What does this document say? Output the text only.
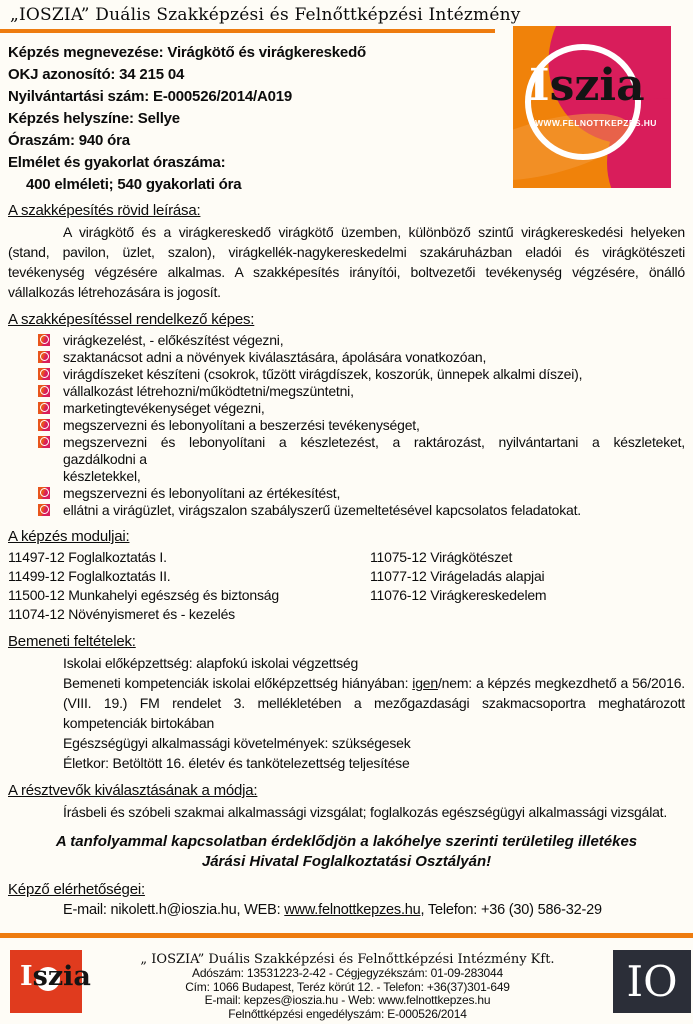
„IOSZIA” Duális Szakképzési és Felnőttképzési Intézmény
Képzés megnevezése: Virágkötő és virágkereskedő
OKJ azonosító: 34 215 04
Nyilvántartási szám: E-000526/2014/A019
Képzés helyszíne: Sellye
Óraszám: 940 óra
Elmélet és gyakorlat óraszáma:
400 elméleti; 540 gyakorlati óra
Iszia
WWW.FELNOTTKEPZES.HU
A szakképesítés rövid leírása:
A virágkötő és a virágkereskedő virágkötő üzemben, különböző szintű virágkereskedési helyeken (stand, pavilon, üzlet, szalon), virágkellék-nagykereskedelmi szakáruházban eladói és virágkötészeti tevékenység végzésére alkalmas. A szakképesítés irányítói, boltvezetői tevékenység végzésére, önálló vállalkozás létrehozására is jogosít.
A szakképesítéssel rendelkező képes:
virágkezelést, - előkészítést végezni,
szaktanácsot adni a növények kiválasztására, ápolására vonatkozóan,
virágdíszeket készíteni (csokrok, tűzött virágdíszek, koszorúk, ünnepek alkalmi díszei),
vállalkozást létrehozni/működtetni/megszüntetni,
marketingtevékenységet végezni,
megszervezni és lebonyolítani a beszerzési tevékenységet,
megszervezni és lebonyolítani a készletezést, a raktározást, nyilvántartani a készleteket,
gazdálkodni a
készletekkel,
megszervezni és lebonyolítani az értékesítést,
ellátni a virágüzlet, virágszalon szabályszerű üzemeltetésével kapcsolatos feladatokat.
A képzés moduljai:
11497-12 Foglalkoztatás I.
11499-12 Foglalkoztatás II.
11500-12 Munkahelyi egészség és biztonság
11074-12 Növényismeret és - kezelés
11075-12 Virágkötészet
11077-12 Virágeladás alapjai
11076-12 Virágkereskedelem
Bemeneti feltételek:
Iskolai előképzettség: alapfokú iskolai végzettség
Bemeneti kompetenciák iskolai előképzettség hiányában: igen/nem: a képzés megkezdhető a 56/2016. (VIII. 19.) FM rendelet 3. mellékletében a mezőgazdasági szakmacsoportra meghatározott kompetenciák birtokában
Egészségügyi alkalmassági követelmények: szükségesek
Életkor: Betöltött 16. életév és tankötelezettség teljesítése
A résztvevők kiválasztásának a módja:
Írásbeli és szóbeli szakmai alkalmassági vizsgálat; foglalkozás egészségügyi alkalmassági vizsgálat.
A tanfolyammal kapcsolatban érdeklődjön a lakóhelye szerinti területileg illetékes Járási Hivatal Foglalkoztatási Osztályán!
Képző elérhetőségei:
E-mail: nikolett.h@ioszia.hu, WEB: www.felnottkepzes.hu, Telefon: +36 (30) 586-32-29
Iszia
„ IOSZIA” Duális Szakképzési és Felnőttképzési Intézmény Kft.
Adószám: 13531223-2-42 - Cégjegyzékszám: 01-09-283044
Cím: 1066 Budapest, Teréz körút 12. - Telefon: +36(37)301-649
E-mail: kepzes@ioszia.hu - Web: www.felnottkepzes.hu
Felnőttképzési engedélyszám: E-000526/2014
IO
